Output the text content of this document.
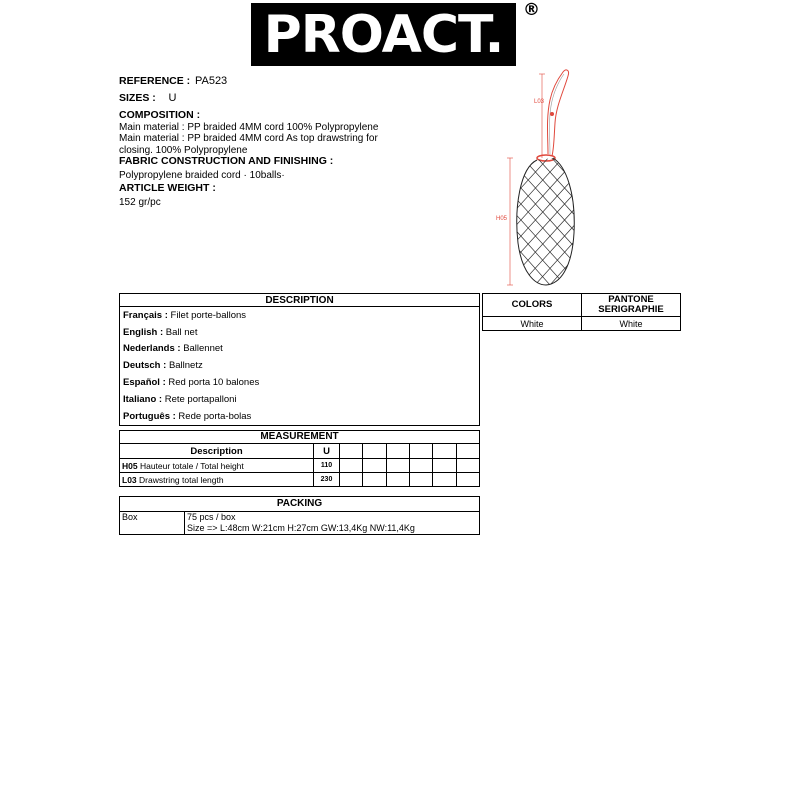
PROACT. ®
REFERENCE : PA523
SIZES : U
COMPOSITION :
Main material : PP braided 4MM cord 100% Polypropylene
Main material : PP braided 4MM cord As top drawstring for
closing. 100% Polypropylene
FABRIC CONSTRUCTION AND FINISHING :
Polypropylene braided cord · 10balls·
ARTICLE WEIGHT :
152 gr/pc
L03
H05
DESCRIPTION
Français : Filet porte-ballons
English : Ball net
Nederlands : Ballennet
Deutsch : Ballnetz
Español : Red porta 10 balones
Italiano : Rete portapalloni
Português : Rede porta-bolas
COLORS	PANTONE
SERIGRAPHIE

White	White
MEASUREMENT
Description	U						
H05 Hauteur totale / Total height	110						
L03 Drawstring total length	230						
PACKING
Box	75 pcs / box
Size => L:48cm W:21cm H:27cm GW:13,4Kg NW:11,4Kg
